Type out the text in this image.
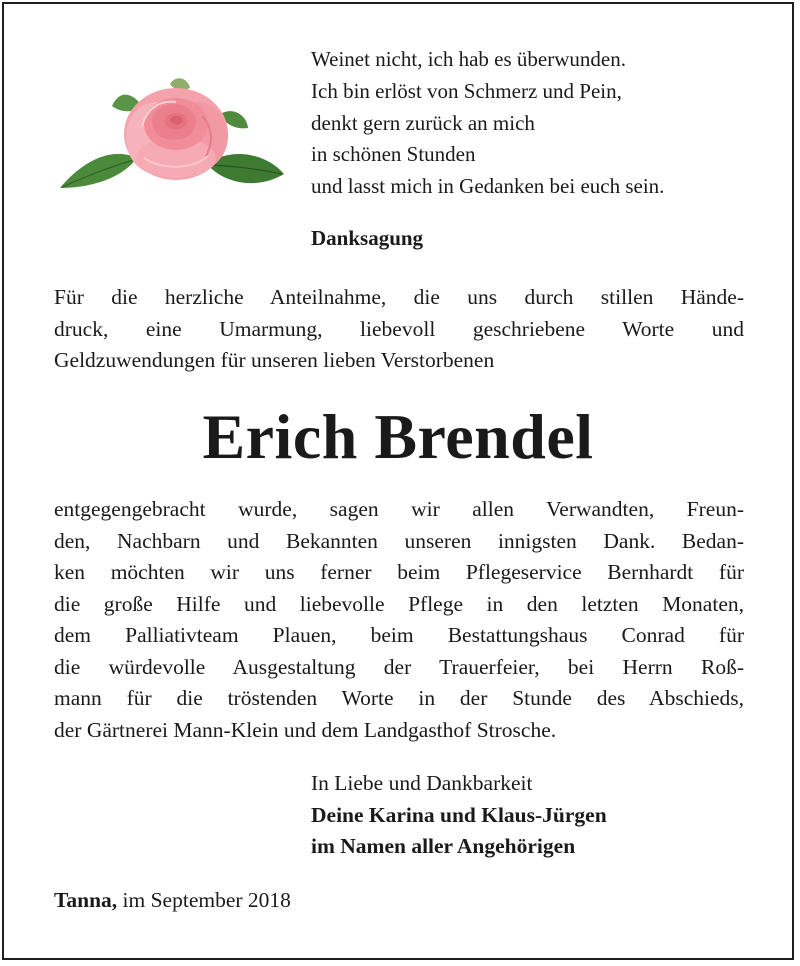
Weinet nicht, ich hab es überwunden.
Ich bin erlöst von Schmerz und Pein,
denkt gern zurück an mich
in schönen Stunden
und lasst mich in Gedanken bei euch sein.
Danksagung

Für die herzliche Anteilnahme, die uns durch stillen Hände-
druck, eine Umarmung, liebevoll geschriebene Worte und
Geldzuwendungen für unseren lieben Verstorbenen

Erich Brendel

entgegengebracht wurde, sagen wir allen Verwandten, Freun-
den, Nachbarn und Bekannten unseren innigsten Dank. Bedan-
ken möchten wir uns ferner beim Pflegeservice Bernhardt für
die große Hilfe und liebevolle Pflege in den letzten Monaten,
dem Palliativteam Plauen, beim Bestattungshaus Conrad für
die würdevolle Ausgestaltung der Trauerfeier, bei Herrn Roß-
mann für die tröstenden Worte in der Stunde des Abschieds,
der Gärtnerei Mann-Klein und dem Landgasthof Strosche.

In Liebe und Dankbarkeit
Deine Karina und Klaus-Jürgen
im Namen aller Angehörigen

Tanna, im September 2018
